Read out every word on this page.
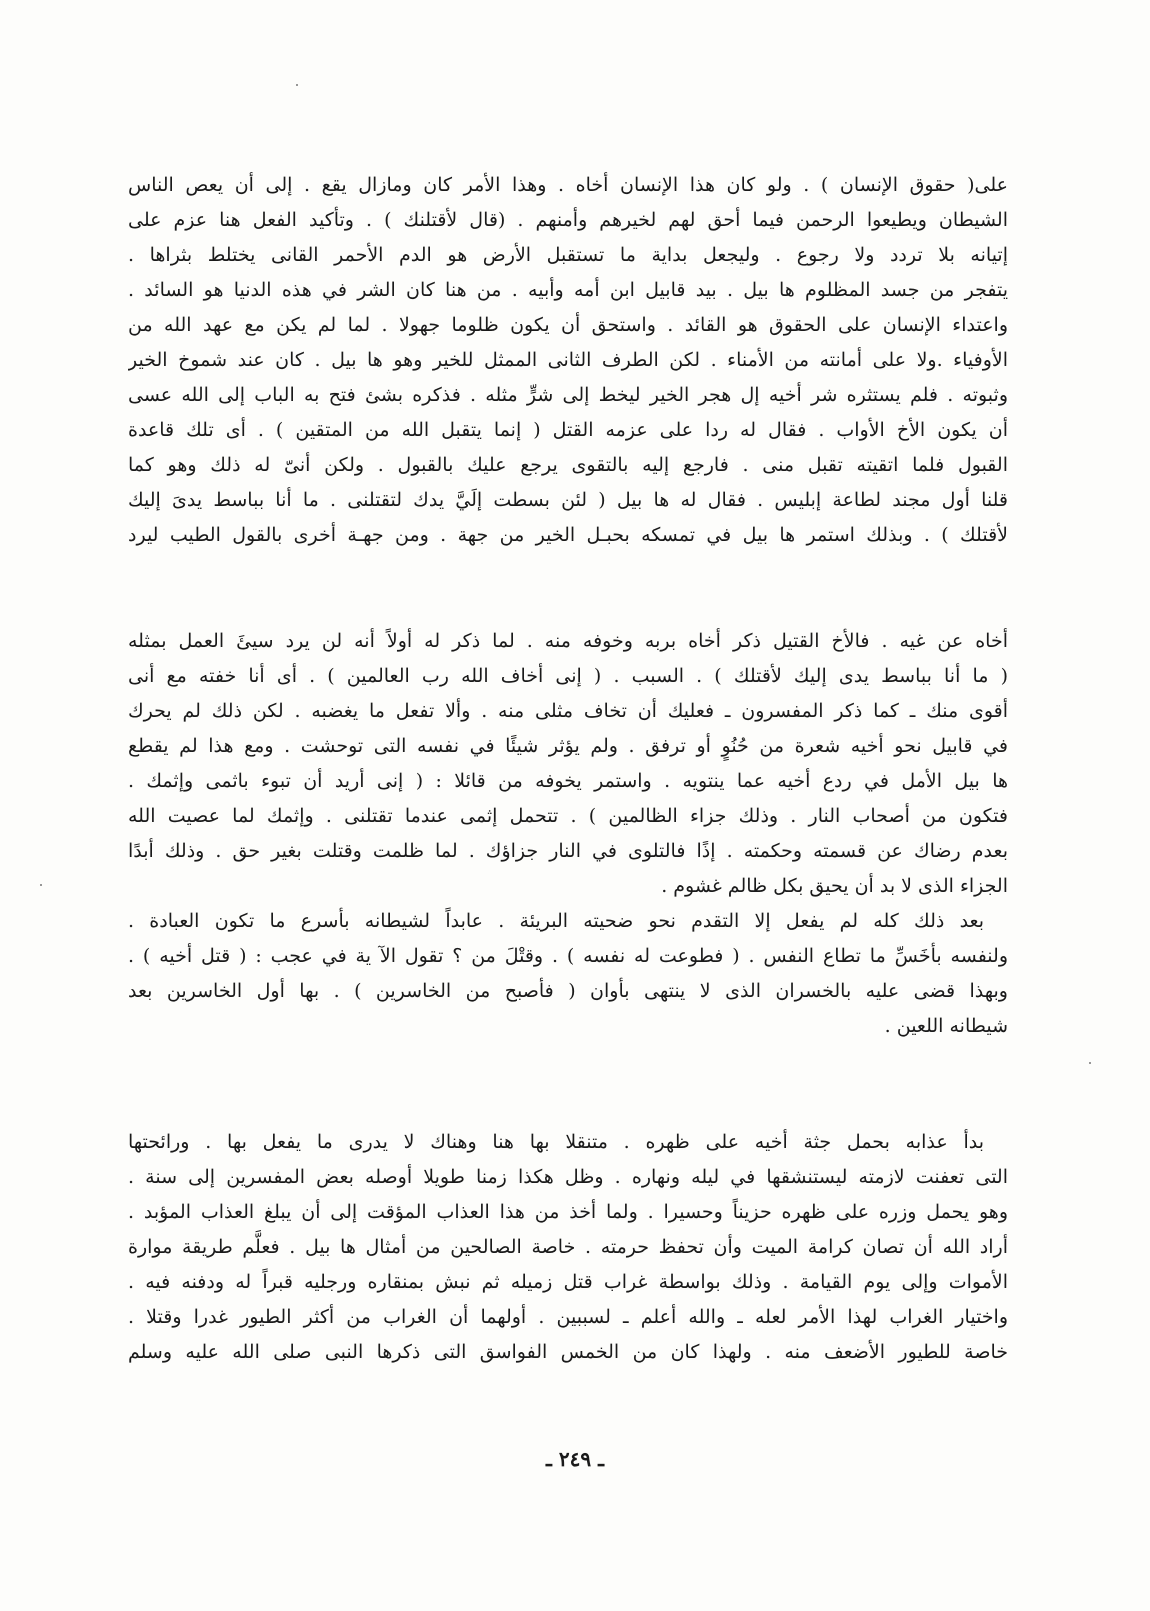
على( حقوق الإنسان ) . ولو كان هذا الإنسان أخاه . وهذا الأمر كان ومازال يقع . إلى أن يعص الناس
الشيطان ويطيعوا الرحمن فيما أحق لهم لخيرهم وأمنهم . (قال لأقتلنك ) . وتأكيد الفعل هنا عزم على
إتيانه بلا تردد ولا رجوع . وليجعل بداية ما تستقبل الأرض هو الدم الأحمر القانى يختلط بثراها .
يتفجر من جسد المظلوم ها بيل . بيد قابيل ابن أمه وأبيه . من هنا كان الشر في هذه الدنيا هو السائد .
واعتداء الإنسان على الحقوق هو القائد . واستحق أن يكون ظلوما جهولا . لما لم يكن مع عهد الله من
الأوفياء .ولا على أمانته من الأمناء . لكن الطرف الثانى الممثل للخير وهو ها بيل . كان عند شموخ الخير
وثبوته . فلم يستثره شر أخيه إل هجر الخير ليخط إلى شرٍّ مثله . فذكره بشئ فتح به الباب إلى الله عسى
أن يكون الأخ الأواب . فقال له ردا على عزمه القتل ( إنما يتقبل الله من المتقين ) . أى تلك قاعدة
القبول فلما اتقيته تقبل منى . فارجع إليه بالتقوى يرجع عليك بالقبول . ولكن أنىّ له ذلك وهو كما
قلنا أول مجند لطاعة إبليس . فقال له ها بيل ( لئن بسطت إلَيَّ يدك لتقتلنى . ما أنا بباسط يدىَ إليك
لأقتلك ) . وبذلك استمر ها بيل في تمسكه بحبـل الخير من جهة . ومن جهـة أخرى بالقول الطيب ليرد
أخاه عن غيه . فالأخ القتيل ذكر أخاه بربه وخوفه منه . لما ذكر له أولاً أنه لن يرد سيئَ العمل بمثله
( ما أنا بباسط يدى إليك لأقتلك ) . السبب . ( إنى أخاف الله رب العالمين ) . أى أنا خفته مع أنى
أقوى منك ـ كما ذكر المفسرون ـ فعليك أن تخاف مثلى منه . وألا تفعل ما يغضبه . لكن ذلك لم يحرك
في قابيل نحو أخيه شعرة من حُنُوٍ أو ترفق . ولم يؤثر شيئًا في نفسه التى توحشت . ومع هذا لم يقطع
ها بيل الأمل في ردع أخيه عما ينتويه . واستمر يخوفه من قائلا : ( إنى أريد أن تبوء باثمى وإثمك .
فتكون من أصحاب النار . وذلك جزاء الظالمين ) . تتحمل إثمى عندما تقتلنى . وإثمك لما عصيت الله
بعدم رضاك عن قسمته وحكمته . إذًا فالتلوى في النار جزاؤك . لما ظلمت وقتلت بغير حق . وذلك أبدًا
الجزاء الذى لا بد أن يحيق بكل ظالم غشوم .
بعد ذلك كله لم يفعل إلا التقدم نحو ضحيته البريئة . عابداً لشيطانه بأسرع ما تكون العبادة .
ولنفسه بأخَسِّ ما تطاع النفس . ( فطوعت له نفسه ) . وقتْلَ من ؟ تقول الآ ية في عجب : ( قتل أخيه ) .
وبهذا قضى عليه بالخسران الذى لا ينتهى بأوان ( فأصبح من الخاسرين ) . بها أول الخاسرين بعد
شيطانه اللعين .
بدأ عذابه بحمل جثة أخيه على ظهره . متنقلا بها هنا وهناك لا يدرى ما يفعل بها . ورائحتها
التى تعفنت لازمته ليستنشقها في ليله ونهاره . وظل هكذا زمنا طويلا أوصله بعض المفسرين إلى سنة .
وهو يحمل وزره على ظهره حزيناً وحسيرا . ولما أخذ من هذا العذاب المؤقت إلى أن يبلغ العذاب المؤبد .
أراد الله أن تصان كرامة الميت وأن تحفظ حرمته . خاصة الصالحين من أمثال ها بيل . فعلَّم طريقة موارة
الأموات وإلى يوم القيامة . وذلك بواسطة غراب قتل زميله ثم نبش بمنقاره ورجليه قبراً له ودفنه فيه .
واختيار الغراب لهذا الأمر لعله ـ والله أعلم ـ لسببين . أولهما أن الغراب من أكثر الطيور غدرا وقتلا .
خاصة للطيور الأضعف منه . ولهذا كان من الخمس الفواسق التى ذكرها النبى صلى الله عليه وسلم
ـ ٢٤٩ ـ
